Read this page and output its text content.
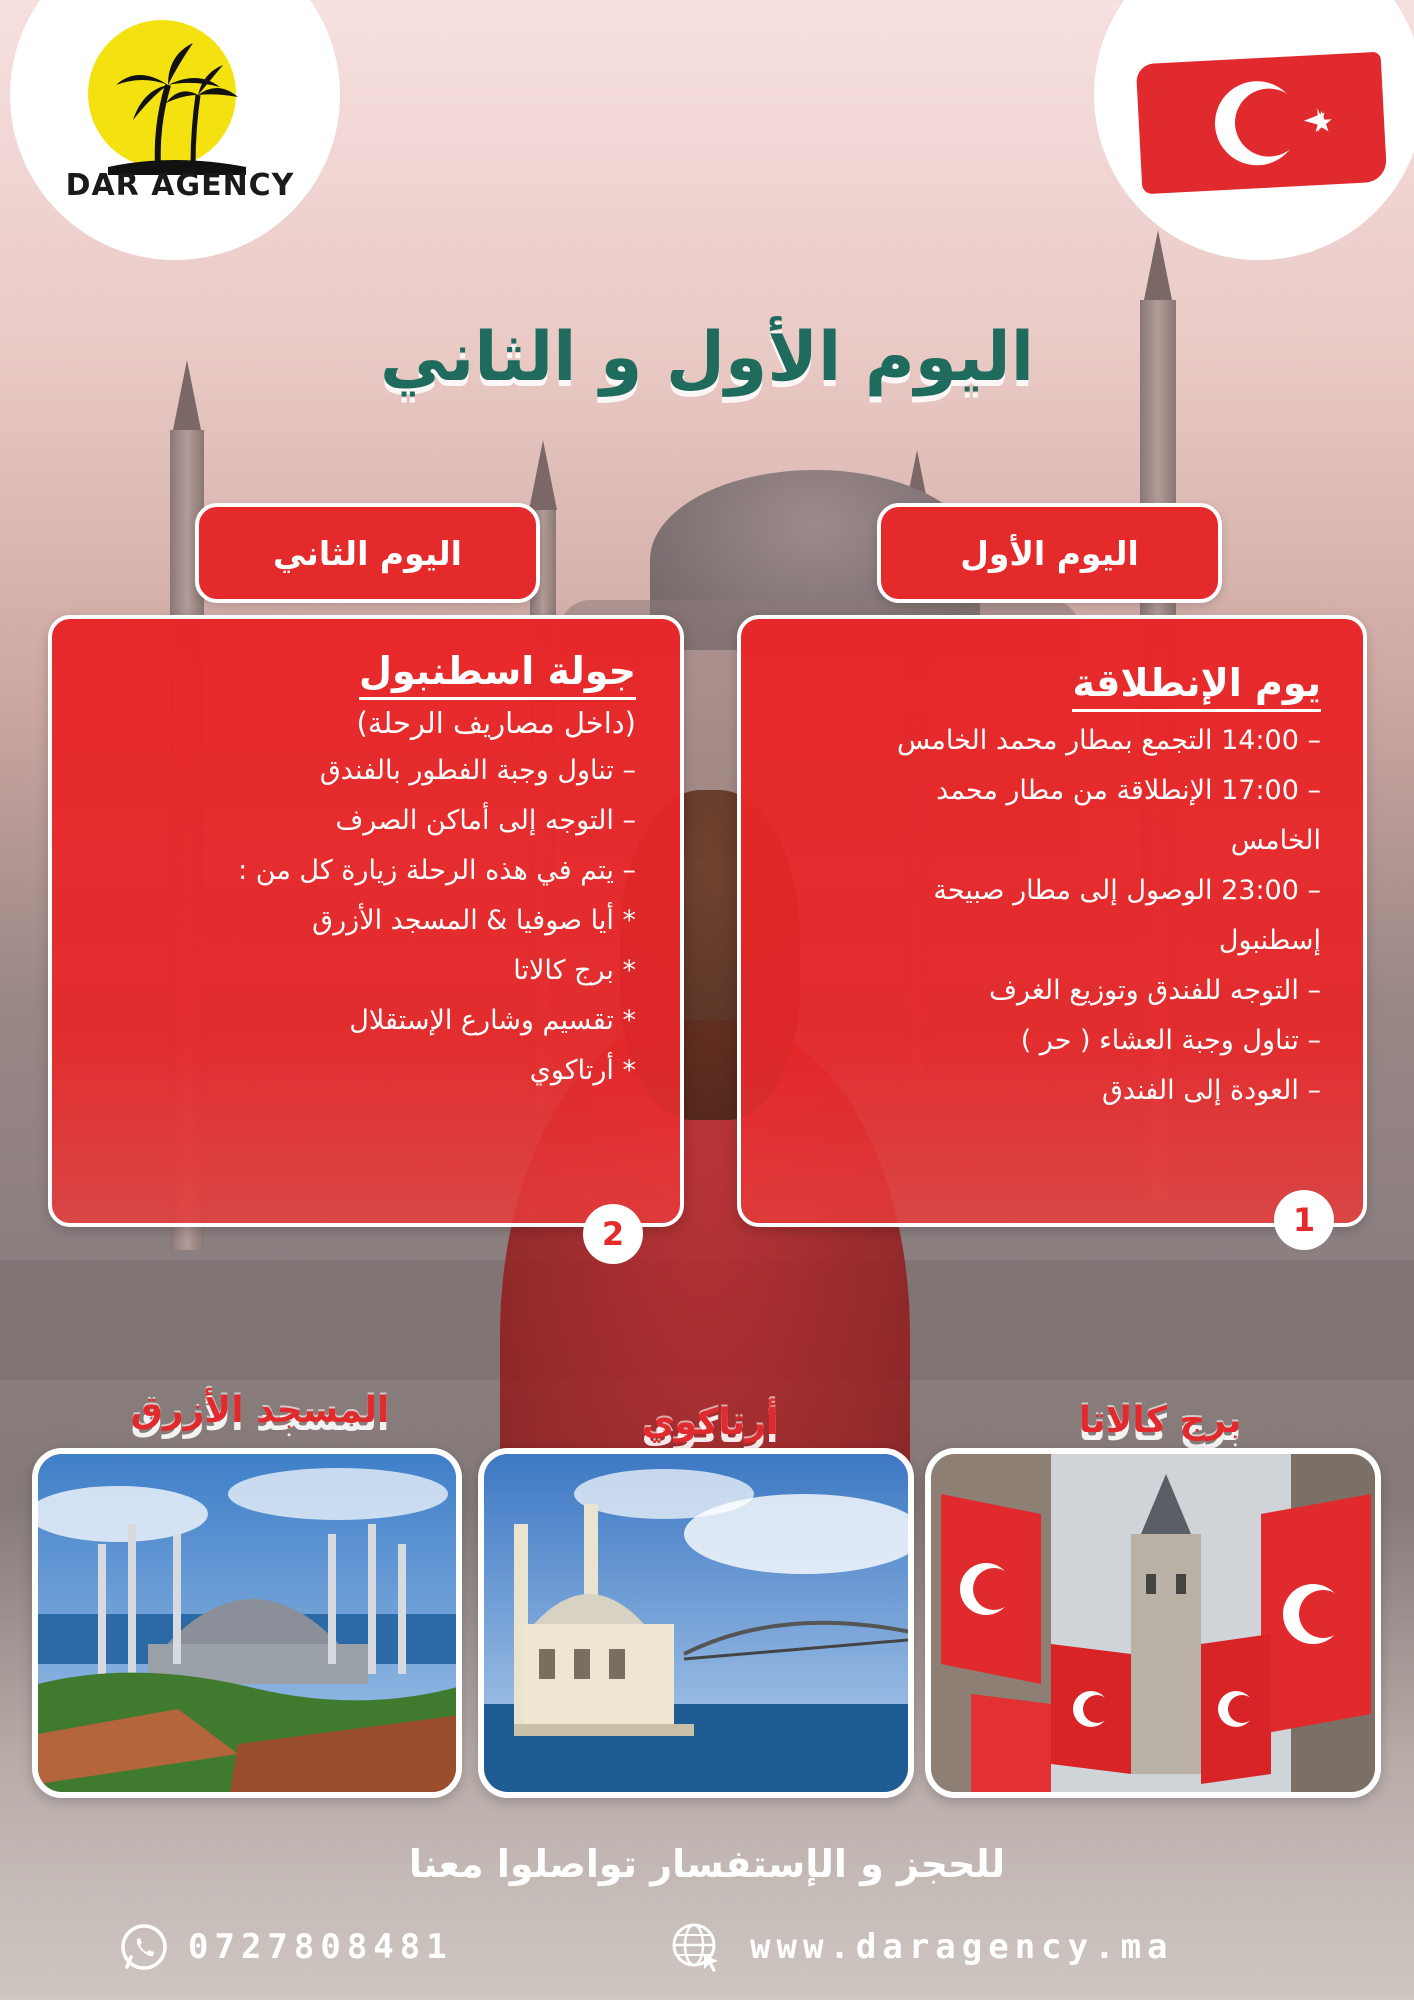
DAR AGENCY
اليوم الأول و الثاني
اليوم الثاني	اليوم الأول
جولة اسطنبول
(داخل مصاريف الرحلة)
– تناول وجبة الفطور بالفندق
– التوجه إلى أماكن الصرف
– يتم في هذه الرحلة زيارة كل من :
* أيا صوفيا & المسجد الأزرق
* برج كالاتا
* تقسيم وشارع الإستقلال
* أرتاكوي
2
يوم الإنطلاقة
– 14:00 التجمع بمطار محمد الخامس
– 17:00 الإنطلاقة من مطار محمد
الخامس
– 23:00 الوصول إلى مطار صبيحة
إسطنبول
– التوجه للفندق وتوزيع الغرف
– تناول وجبة العشاء ( حر )
– العودة إلى الفندق
1
المسجد الأزرق	أرتاكوي	برج كالاتا
للحجز و الإستفسار تواصلوا معنا
0727808481	www.daragency.ma
